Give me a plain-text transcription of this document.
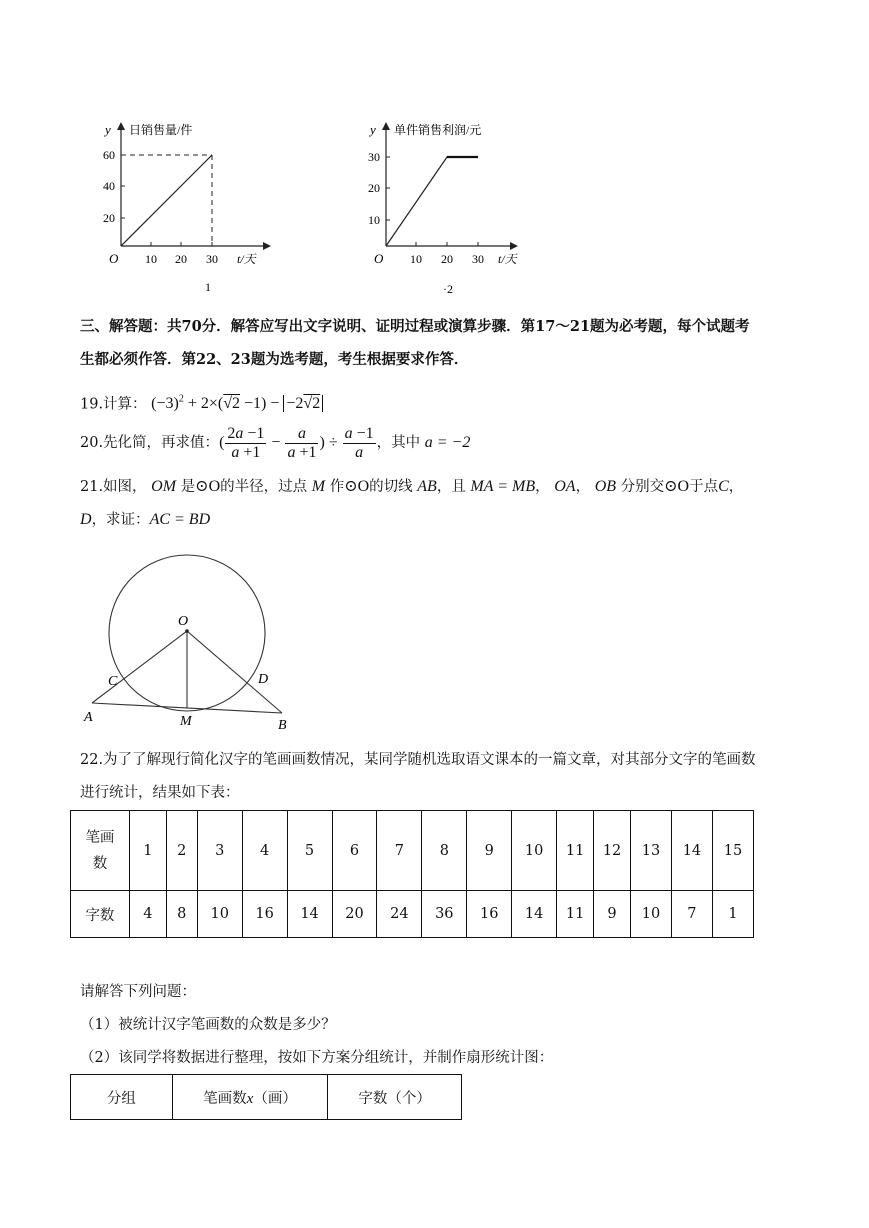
y 日销售量/件
60
40
20
O 10 20 30 t/天
1
y 单件销售利润/元
30
20
10
O 10 20 30 t/天
·2
三、解答题：共70分．解答应写出文字说明、证明过程或演算步骤．第17～21题为必考题，每个试题考
生都必须作答．第22、23题为选考题，考生根据要求作答．
19.计算： $(-3)^2 + 2\times(√2 -1) - -2√2$
20.先化简，再求值：( $\frac{2a -1}{a +1} - \frac{a}{a +1}$ ) ÷ $\frac{a -1}{a}$ ，其中 a = −2
21.如图， OM 是⊙O的半径，过点 M 作⊙O的切线 AB，且 MA = MB， OA， OB 分别交⊙O于点C，
D，求证：AC = BD
O
C	D
A	M	B
22.为了了解现行简化汉字的笔画画数情况，某同学随机选取语文课本的一篇文章，对其部分文字的笔画数
进行统计，结果如下表：
笔画
数	1	2	3	4	5	6	7	8	9	10	11	12	13	14	15
字数	4	8	10	16	14	20	24	36	16	14	11	9	10	7	1
请解答下列问题：
（1）被统计汉字笔画数的众数是多少？
（2）该同学将数据进行整理，按如下方案分组统计，并制作扇形统计图：
分组	笔画数x（画）	字数（个）
